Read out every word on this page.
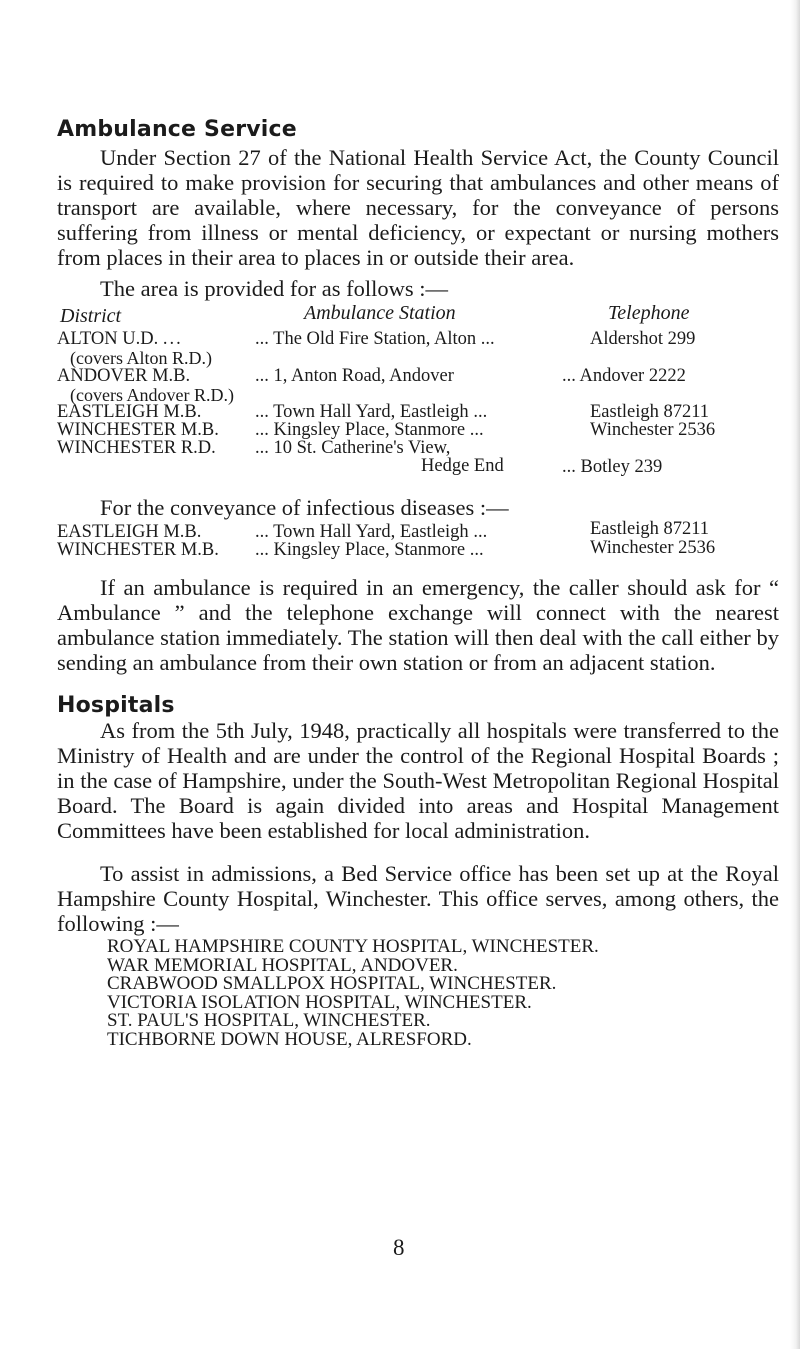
Ambulance Service
Under Section 27 of the National Health Service Act, the County Council is required to make provision for securing that ambulances and other means of transport are available, where necessary, for the conveyance of persons suffering from illness or mental deficiency, or expectant or nursing mothers from places in their area to places in or outside their area.
The area is provided for as follows :—
District	Ambulance Station	Telephone
ALTON U.D. ...	... The Old Fire Station, Alton ...	Aldershot 299
(covers Alton R.D.)
ANDOVER M.B.	... 1, Anton Road, Andover	... Andover 2222
(covers Andover R.D.)
EASTLEIGH M.B.	... Town Hall Yard, Eastleigh ...	Eastleigh 87211
WINCHESTER M.B. ... Kingsley Place, Stanmore ...	Winchester 2536
WINCHESTER R.D. ... 10 St. Catherine's View,
Hedge End	... Botley 239
For the conveyance of infectious diseases :—
EASTLEIGH M.B.	... Town Hall Yard, Eastleigh ...	Eastleigh 87211
WINCHESTER M.B. ... Kingsley Place, Stanmore ...	Winchester 2536
If an ambulance is required in an emergency, the caller should ask for “ Ambulance ” and the telephone exchange will connect with the nearest ambulance station immediately. The station will then deal with the call either by sending an ambulance from their own station or from an adjacent station.
Hospitals
As from the 5th July, 1948, practically all hospitals were transferred to the Ministry of Health and are under the control of the Regional Hospital Boards ; in the case of Hampshire, under the South-West Metropolitan Regional Hospital Board. The Board is again divided into areas and Hospital Management Committees have been established for local administration.
To assist in admissions, a Bed Service office has been set up at the Royal Hampshire County Hospital, Winchester. This office serves, among others, the following :—
ROYAL HAMPSHIRE COUNTY HOSPITAL, WINCHESTER.
WAR MEMORIAL HOSPITAL, ANDOVER.
CRABWOOD SMALLPOX HOSPITAL, WINCHESTER.
VICTORIA ISOLATION HOSPITAL, WINCHESTER.
ST. PAUL'S HOSPITAL, WINCHESTER.
TICHBORNE DOWN HOUSE, ALRESFORD.
8
